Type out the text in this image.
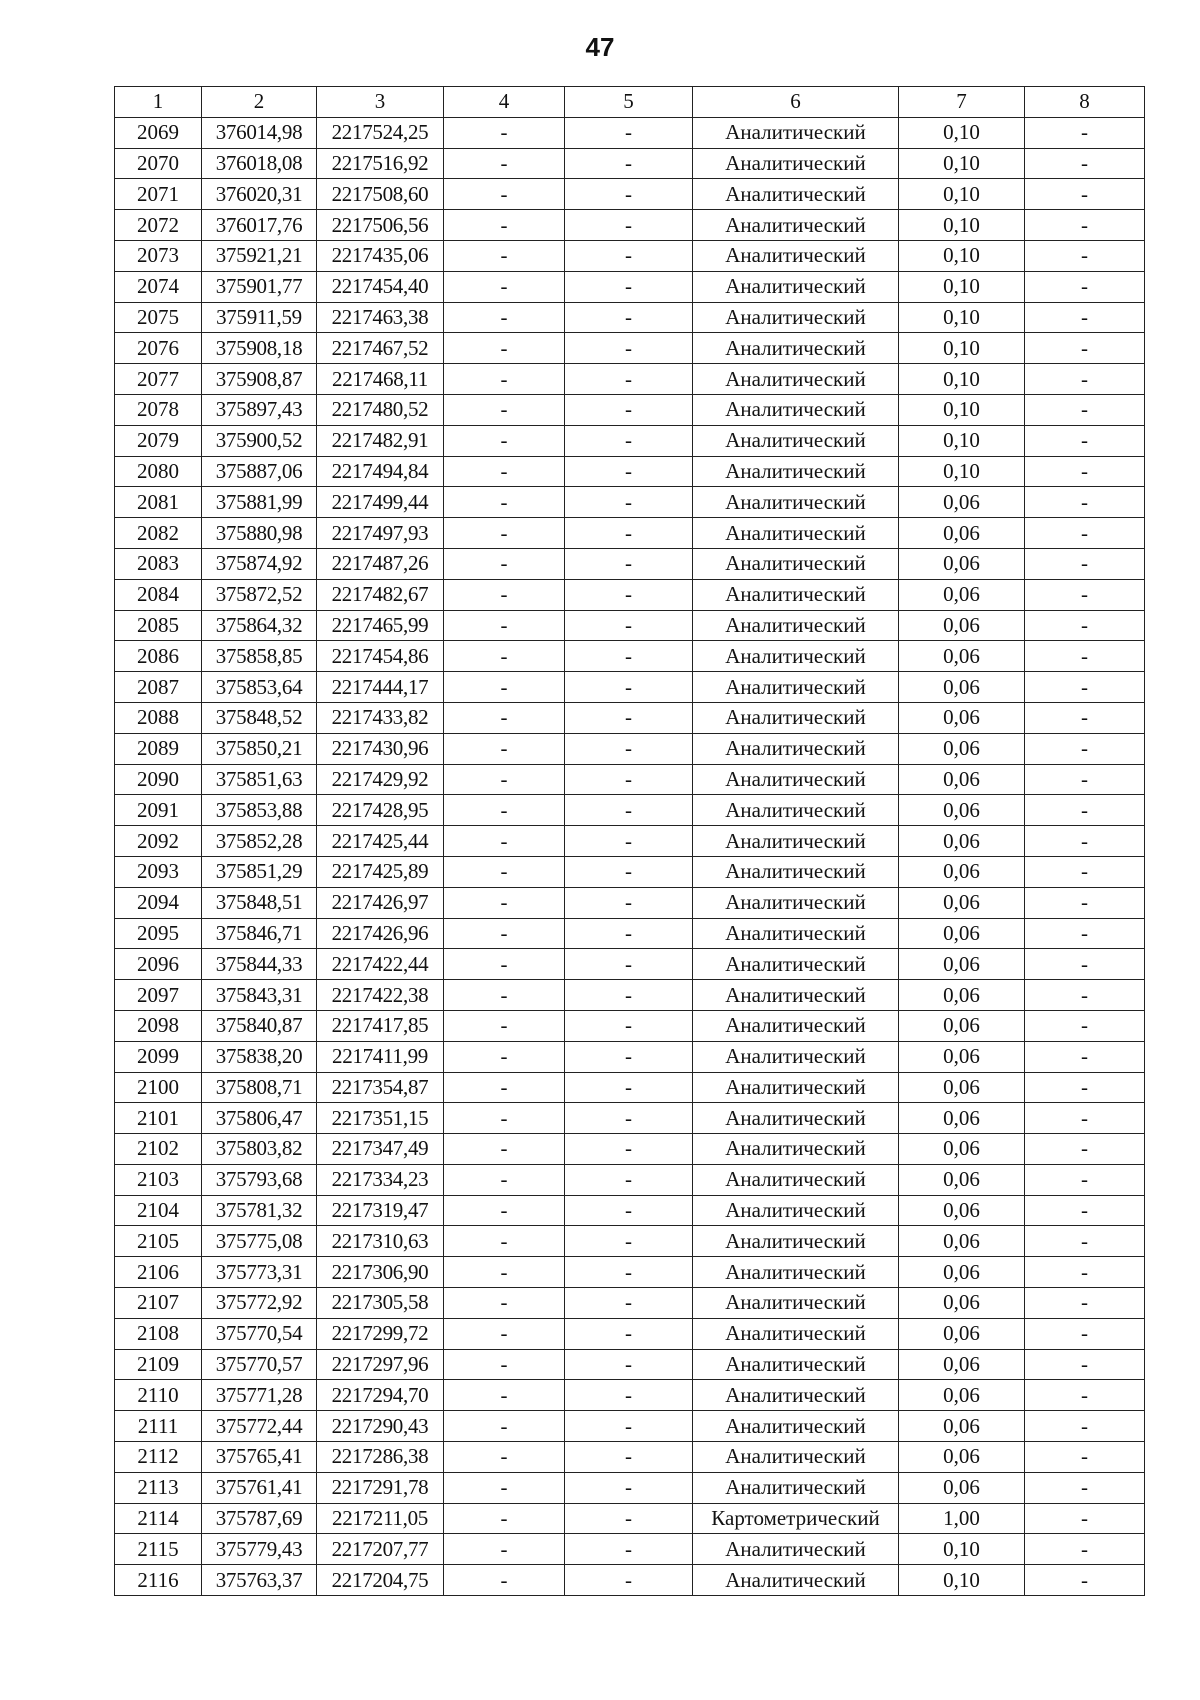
47
1	2	3	4	5	6	7	8
2069	376014,98	2217524,25	-	-	Аналитический	0,10	-
2070	376018,08	2217516,92	-	-	Аналитический	0,10	-
2071	376020,31	2217508,60	-	-	Аналитический	0,10	-
2072	376017,76	2217506,56	-	-	Аналитический	0,10	-
2073	375921,21	2217435,06	-	-	Аналитический	0,10	-
2074	375901,77	2217454,40	-	-	Аналитический	0,10	-
2075	375911,59	2217463,38	-	-	Аналитический	0,10	-
2076	375908,18	2217467,52	-	-	Аналитический	0,10	-
2077	375908,87	2217468,11	-	-	Аналитический	0,10	-
2078	375897,43	2217480,52	-	-	Аналитический	0,10	-
2079	375900,52	2217482,91	-	-	Аналитический	0,10	-
2080	375887,06	2217494,84	-	-	Аналитический	0,10	-
2081	375881,99	2217499,44	-	-	Аналитический	0,06	-
2082	375880,98	2217497,93	-	-	Аналитический	0,06	-
2083	375874,92	2217487,26	-	-	Аналитический	0,06	-
2084	375872,52	2217482,67	-	-	Аналитический	0,06	-
2085	375864,32	2217465,99	-	-	Аналитический	0,06	-
2086	375858,85	2217454,86	-	-	Аналитический	0,06	-
2087	375853,64	2217444,17	-	-	Аналитический	0,06	-
2088	375848,52	2217433,82	-	-	Аналитический	0,06	-
2089	375850,21	2217430,96	-	-	Аналитический	0,06	-
2090	375851,63	2217429,92	-	-	Аналитический	0,06	-
2091	375853,88	2217428,95	-	-	Аналитический	0,06	-
2092	375852,28	2217425,44	-	-	Аналитический	0,06	-
2093	375851,29	2217425,89	-	-	Аналитический	0,06	-
2094	375848,51	2217426,97	-	-	Аналитический	0,06	-
2095	375846,71	2217426,96	-	-	Аналитический	0,06	-
2096	375844,33	2217422,44	-	-	Аналитический	0,06	-
2097	375843,31	2217422,38	-	-	Аналитический	0,06	-
2098	375840,87	2217417,85	-	-	Аналитический	0,06	-
2099	375838,20	2217411,99	-	-	Аналитический	0,06	-
2100	375808,71	2217354,87	-	-	Аналитический	0,06	-
2101	375806,47	2217351,15	-	-	Аналитический	0,06	-
2102	375803,82	2217347,49	-	-	Аналитический	0,06	-
2103	375793,68	2217334,23	-	-	Аналитический	0,06	-
2104	375781,32	2217319,47	-	-	Аналитический	0,06	-
2105	375775,08	2217310,63	-	-	Аналитический	0,06	-
2106	375773,31	2217306,90	-	-	Аналитический	0,06	-
2107	375772,92	2217305,58	-	-	Аналитический	0,06	-
2108	375770,54	2217299,72	-	-	Аналитический	0,06	-
2109	375770,57	2217297,96	-	-	Аналитический	0,06	-
2110	375771,28	2217294,70	-	-	Аналитический	0,06	-
2111	375772,44	2217290,43	-	-	Аналитический	0,06	-
2112	375765,41	2217286,38	-	-	Аналитический	0,06	-
2113	375761,41	2217291,78	-	-	Аналитический	0,06	-
2114	375787,69	2217211,05	-	-	Картометрический	1,00	-
2115	375779,43	2217207,77	-	-	Аналитический	0,10	-
2116	375763,37	2217204,75	-	-	Аналитический	0,10	-
